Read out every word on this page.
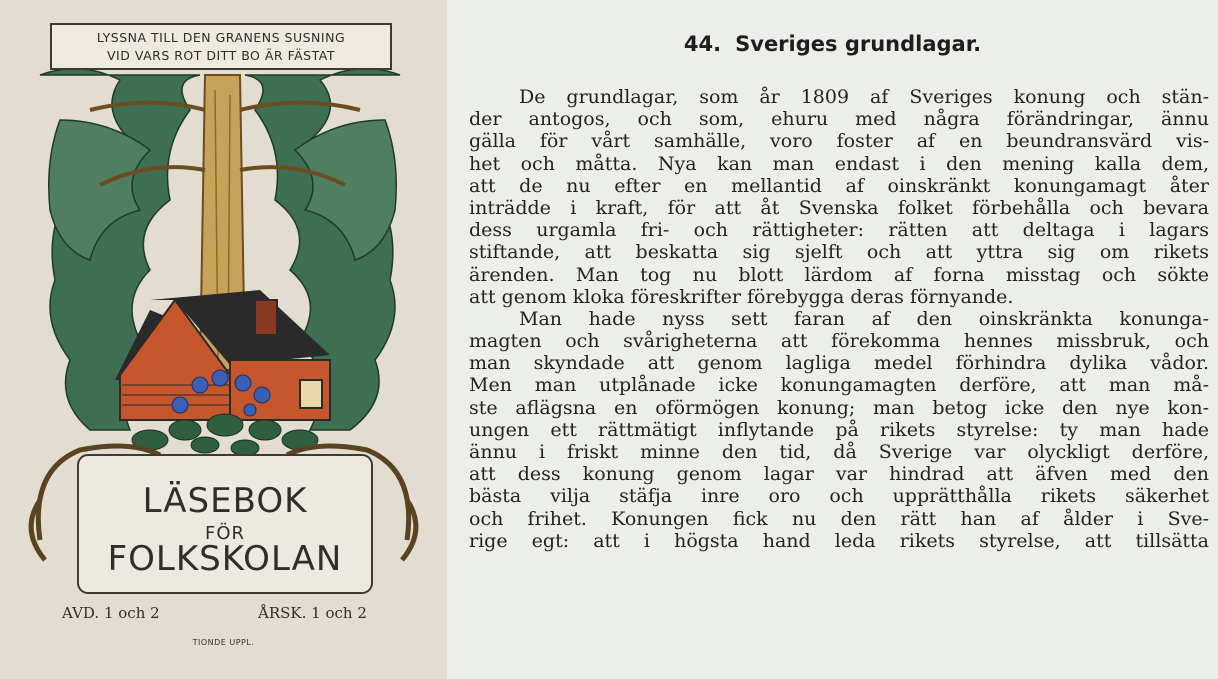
LYSSNA TILL DEN GRANENS SUSNING
VID VARS ROT DITT BO ÄR FÄSTAT
LÄSEBOK
FÖR
FOLKSKOLAN
AVD. 1 och 2	ÅRSK. 1 och 2
TIONDE UPPL.
44. Sveriges grundlagar.
De grundlagar, som år 1809 af Sveriges konung och stän-
der antogos, och som, ehuru med några förändringar, ännu
gälla för vårt samhälle, voro foster af en beundransvärd vis-
het och måtta. Nya kan man endast i den mening kalla dem,
att de nu efter en mellantid af oinskränkt konungamagt åter
inträdde i kraft, för att åt Svenska folket förbehålla och bevara
dess urgamla fri- och rättigheter: rätten att deltaga i lagars
stiftande, att beskatta sig sjelft och att yttra sig om rikets
ärenden. Man tog nu blott lärdom af forna misstag och sökte
att genom kloka föreskrifter förebygga deras förnyande.
Man hade nyss sett faran af den oinskränkta konunga-
magten och svårigheterna att förekomma hennes missbruk, och
man skyndade att genom lagliga medel förhindra dylika vådor.
Men man utplånade icke konungamagten derföre, att man må-
ste aflägsna en oförmögen konung; man betog icke den nye kon-
ungen ett rättmätigt inflytande på rikets styrelse: ty man hade
ännu i friskt minne den tid, då Sverige var olyckligt derföre,
att dess konung genom lagar var hindrad att äfven med den
bästa vilja stäfja inre oro och upprätthålla rikets säkerhet
och frihet. Konungen fick nu den rätt han af ålder i Sve-
rige egt: att i högsta hand leda rikets styrelse, att tillsätta
